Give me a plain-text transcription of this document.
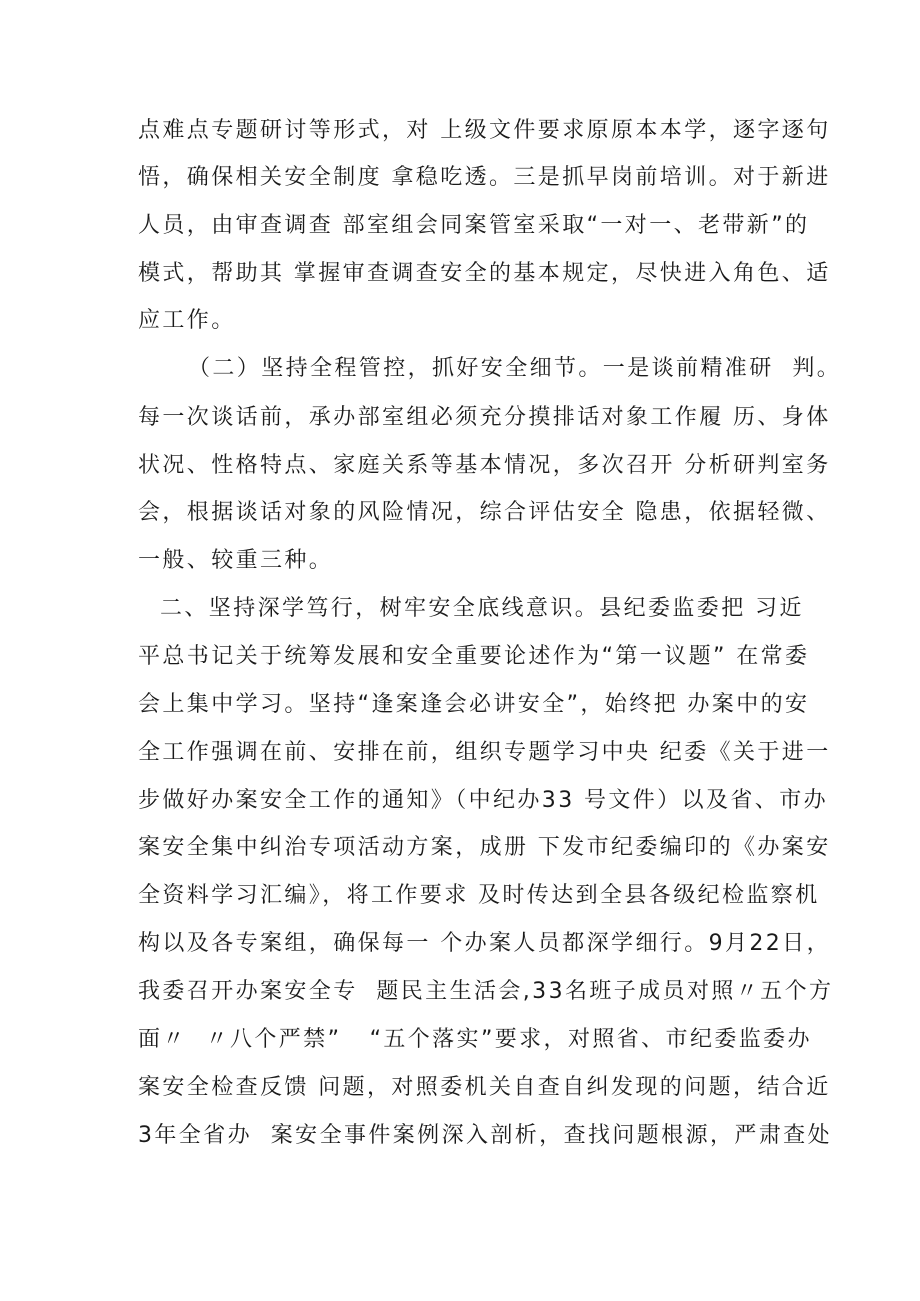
点难点专题研讨等形式，对 上级文件要求原原本本学，逐字逐句
悟，确保相关安全制度 拿稳吃透。三是抓早岗前培训。对于新进
人员，由审查调查 部室组会同案管室采取“一对一、老带新”的
模式，帮助其 掌握审查调查安全的基本规定，尽快进入角色、适
应工作。
（二）坚持全程管控，抓好安全细节。一是谈前精准研  判。
每一次谈话前，承办部室组必须充分摸排话对象工作履 历、身体
状况、性格特点、家庭关系等基本情况，多次召开 分析研判室务
会，根据谈话对象的风险情况，综合评估安全 隐患，依据轻微、
一般、较重三种。
二、坚持深学笃行，树牢安全底线意识。县纪委监委把 习近
平总书记关于统筹发展和安全重要论述作为“第一议题” 在常委
会上集中学习。坚持“逢案逢会必讲安全”，始终把 办案中的安
全工作强调在前、安排在前，组织专题学习中央 纪委《关于进一
步做好办案安全工作的通知》（中纪办33 号文件）以及省、市办
案安全集中纠治专项活动方案，成册 下发市纪委编印的《办案安
全资料学习汇编》，将工作要求 及时传达到全县各级纪检监察机
构以及各专案组，确保每一 个办案人员都深学细行。9月22日，
我委召开办案安全专  题民主生活会,33名班子成员对照〃五个方
面〃  〃八个严禁”   “五个落实”要求，对照省、市纪委监委办
案安全检查反馈 问题，对照委机关自查自纠发现的问题，结合近
3年全省办  案安全事件案例深入剖析，查找问题根源，严肃查处
